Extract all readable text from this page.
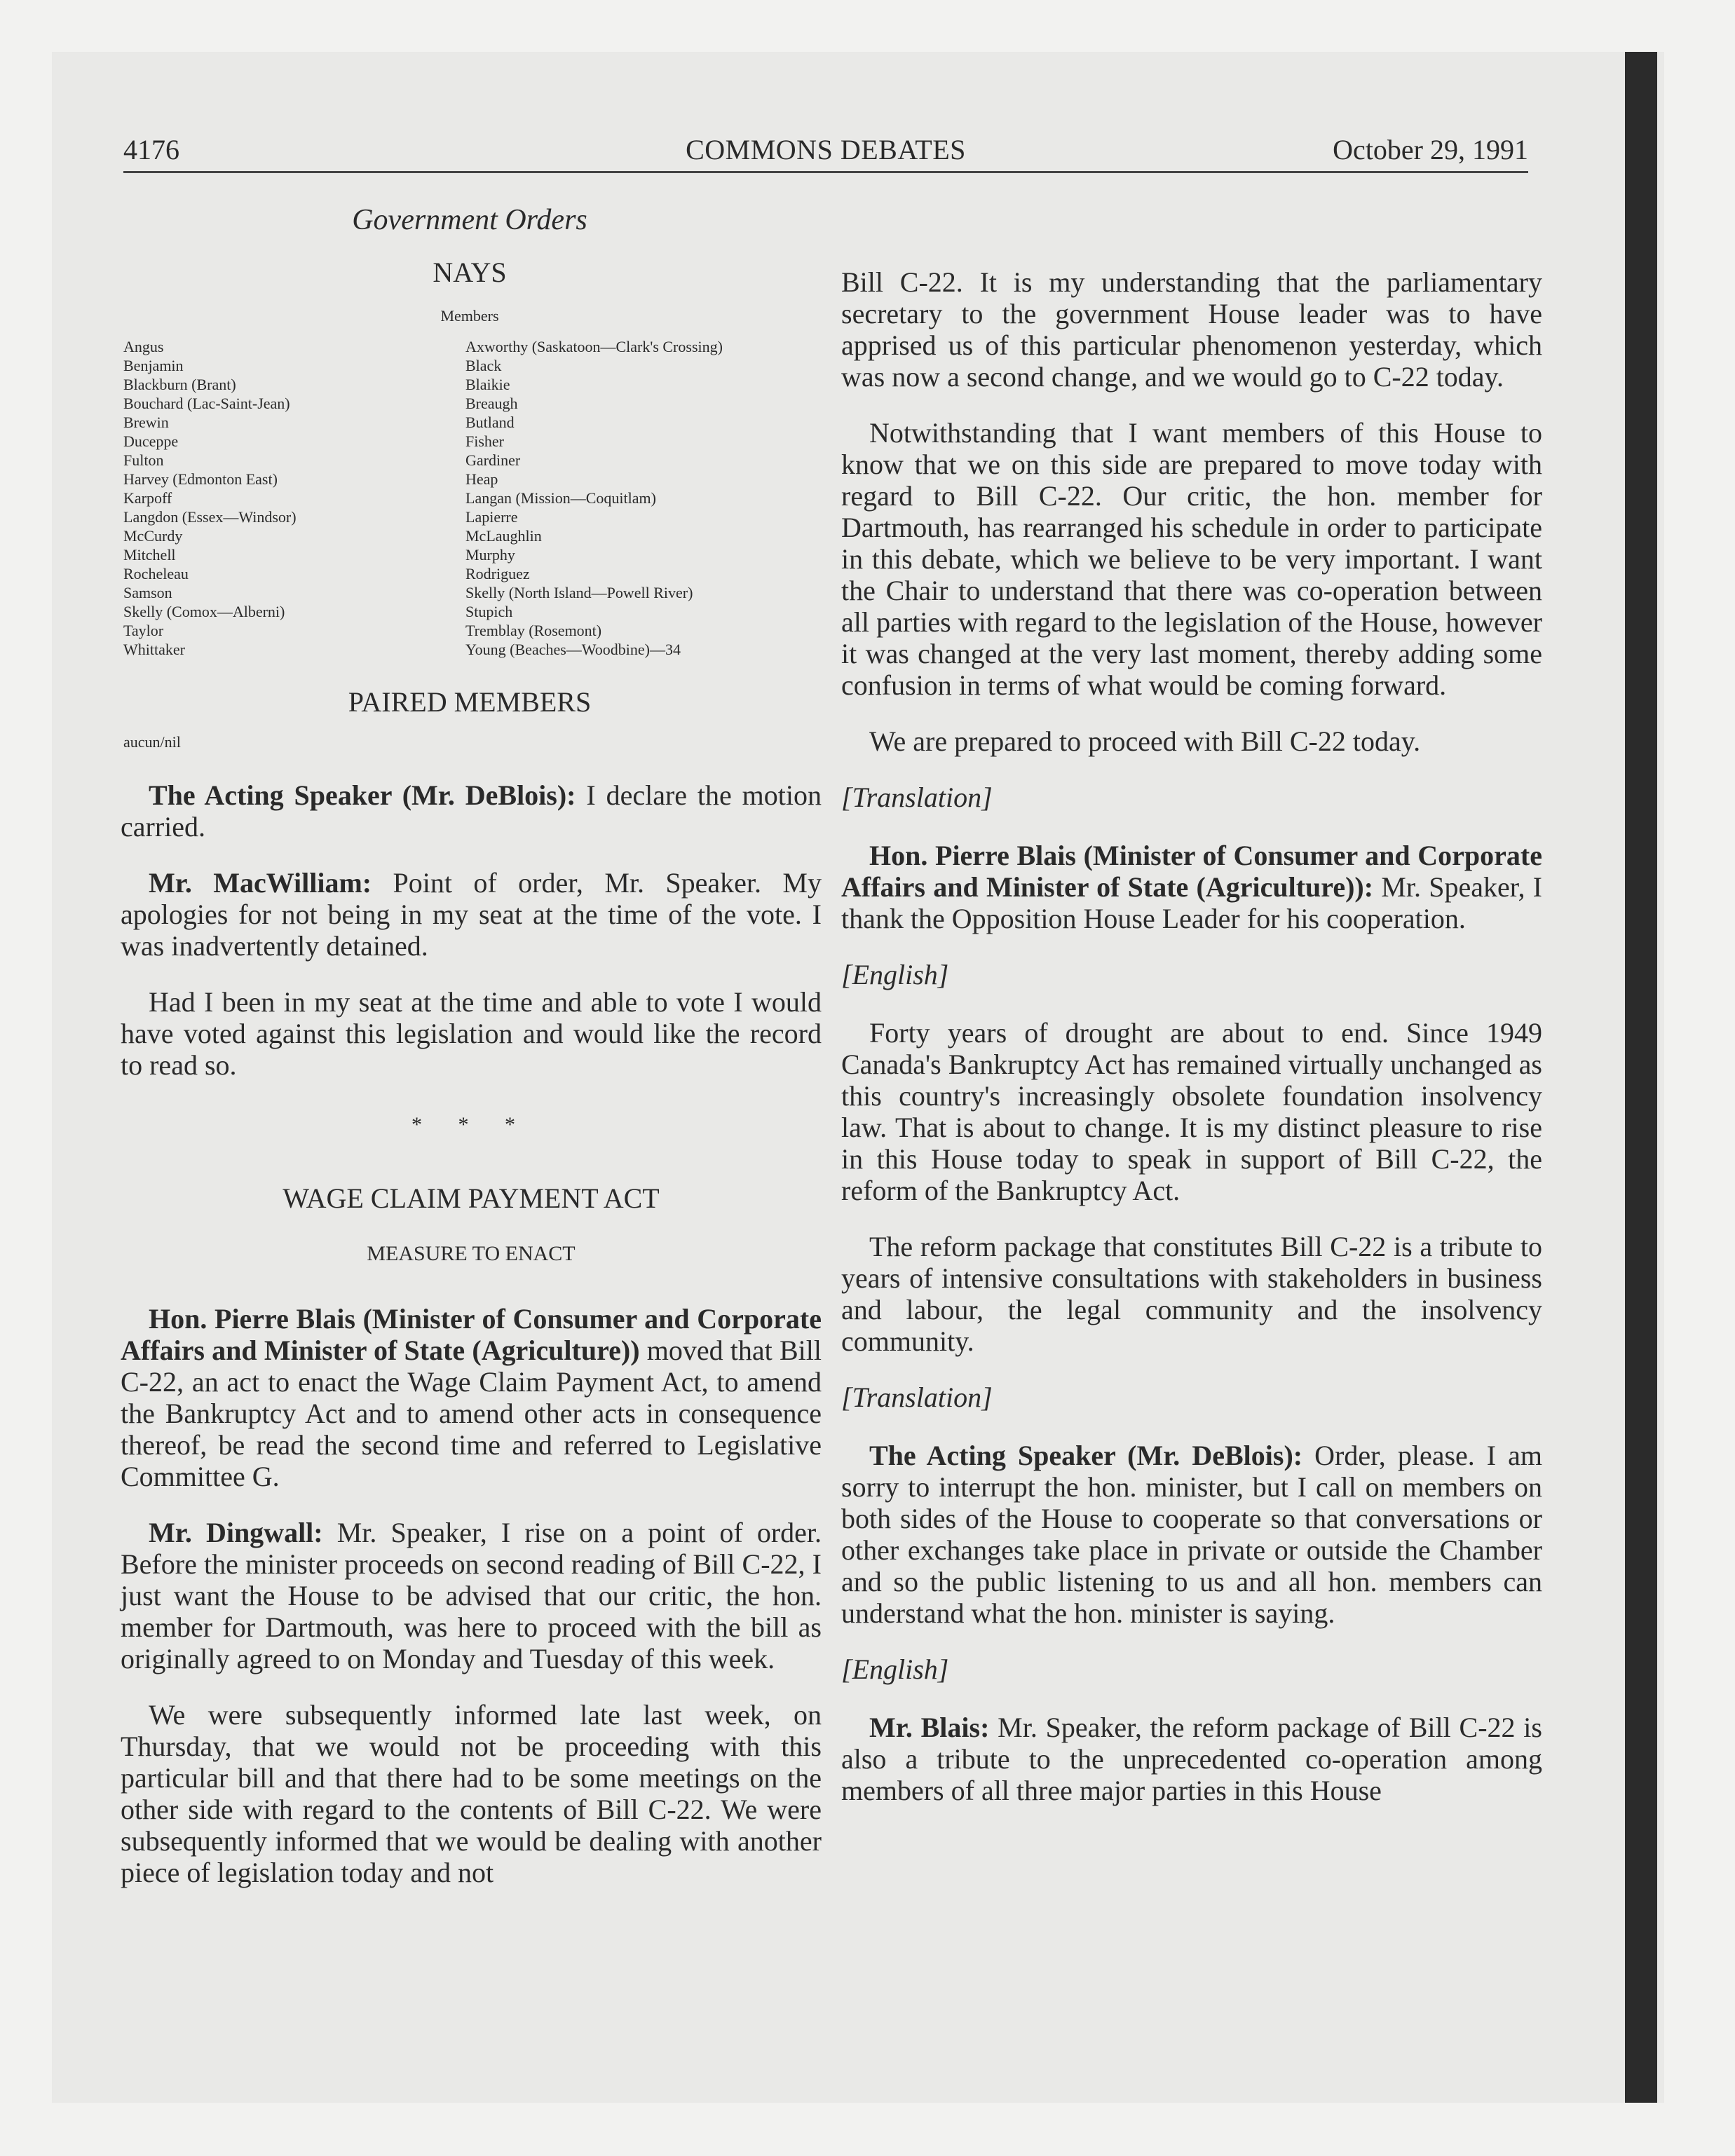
4176	COMMONS DEBATES	October 29, 1991
Government Orders
NAYS
Members
Angus
Benjamin
Blackburn (Brant)
Bouchard (Lac-Saint-Jean)
Brewin
Duceppe
Fulton
Harvey (Edmonton East)
Karpoff
Langdon (Essex—Windsor)
McCurdy
Mitchell
Rocheleau
Samson
Skelly (Comox—Alberni)
Taylor
Whittaker
Axworthy (Saskatoon—Clark's Crossing)
Black
Blaikie
Breaugh
Butland
Fisher
Gardiner
Heap
Langan (Mission—Coquitlam)
Lapierre
McLaughlin
Murphy
Rodriguez
Skelly (North Island—Powell River)
Stupich
Tremblay (Rosemont)
Young (Beaches—Woodbine)—34
PAIRED MEMBERS
aucun/nil

The Acting Speaker (Mr. DeBlois): I declare the motion carried.

Mr. MacWilliam: Point of order, Mr. Speaker. My apologies for not being in my seat at the time of the vote. I was inadvertently detained.

Had I been in my seat at the time and able to vote I would have voted against this legislation and would like the record to read so.

* * *
WAGE CLAIM PAYMENT ACT
MEASURE TO ENACT

Hon. Pierre Blais (Minister of Consumer and Corporate Affairs and Minister of State (Agriculture)) moved that Bill C-22, an act to enact the Wage Claim Payment Act, to amend the Bankruptcy Act and to amend other acts in consequence thereof, be read the second time and referred to Legislative Committee G.

Mr. Dingwall: Mr. Speaker, I rise on a point of order. Before the minister proceeds on second reading of Bill C-22, I just want the House to be advised that our critic, the hon. member for Dartmouth, was here to proceed with the bill as originally agreed to on Monday and Tuesday of this week.

We were subsequently informed late last week, on Thursday, that we would not be proceeding with this particular bill and that there had to be some meetings on the other side with regard to the contents of Bill C-22. We were subsequently informed that we would be dealing with another piece of legislation today and not

Bill C-22. It is my understanding that the parliamentary secretary to the government House leader was to have apprised us of this particular phenomenon yesterday, which was now a second change, and we would go to C-22 today.

Notwithstanding that I want members of this House to know that we on this side are prepared to move today with regard to Bill C-22. Our critic, the hon. member for Dartmouth, has rearranged his schedule in order to participate in this debate, which we believe to be very important. I want the Chair to understand that there was co-operation between all parties with regard to the legislation of the House, however it was changed at the very last moment, thereby adding some confusion in terms of what would be coming forward.

We are prepared to proceed with Bill C-22 today.

[Translation]

Hon. Pierre Blais (Minister of Consumer and Corporate Affairs and Minister of State (Agriculture)): Mr. Speaker, I thank the Opposition House Leader for his cooperation.

[English]

Forty years of drought are about to end. Since 1949 Canada's Bankruptcy Act has remained virtually unchanged as this country's increasingly obsolete foundation insolvency law. That is about to change. It is my distinct pleasure to rise in this House today to speak in support of Bill C-22, the reform of the Bankruptcy Act.

The reform package that constitutes Bill C-22 is a tribute to years of intensive consultations with stakeholders in business and labour, the legal community and the insolvency community.

[Translation]

The Acting Speaker (Mr. DeBlois): Order, please. I am sorry to interrupt the hon. minister, but I call on members on both sides of the House to cooperate so that conversations or other exchanges take place in private or outside the Chamber and so the public listening to us and all hon. members can understand what the hon. minister is saying.

[English]

Mr. Blais: Mr. Speaker, the reform package of Bill C-22 is also a tribute to the unprecedented co-operation among members of all three major parties in this House
